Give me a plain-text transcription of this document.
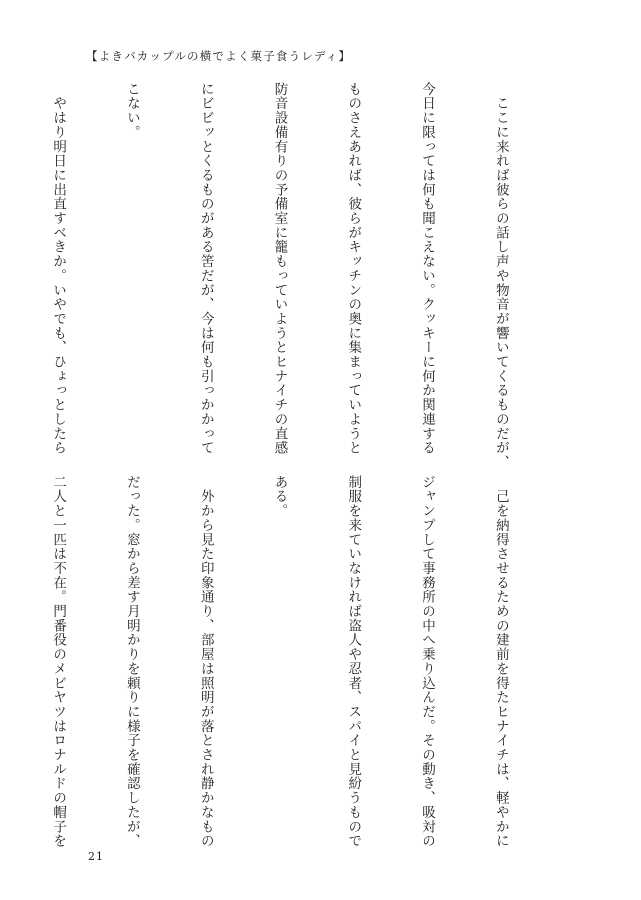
【よきバカップルの横でよく菓子食うレディ】

　ここに来れば彼らの話し声や物音が響いてくるものだが、

今日に限っては何も聞こえない。クッキーに何か関連する

ものさえあれば、彼らがキッチンの奥に集まっていようと

防音設備有りの予備室に籠もっていようとヒナイチの直感

にビビッとくるものがある筈だが、今は何も引っかかって

こない。

　やはり明日に出直すべきか。いやでも、ひょっとしたら

　己を納得させるための建前を得たヒナイチは、軽やかに

ジャンプして事務所の中へ乗り込んだ。その動き、吸対の

制服を来ていなければ盗人や忍者、スパイと見紛うもので

ある。

　外から見た印象通り、部屋は照明が落とされ静かなもの

だった。窓から差す月明かりを頼りに様子を確認したが、

二人と一匹は不在。門番役のメビヤツはロナルドの帽子を

21
